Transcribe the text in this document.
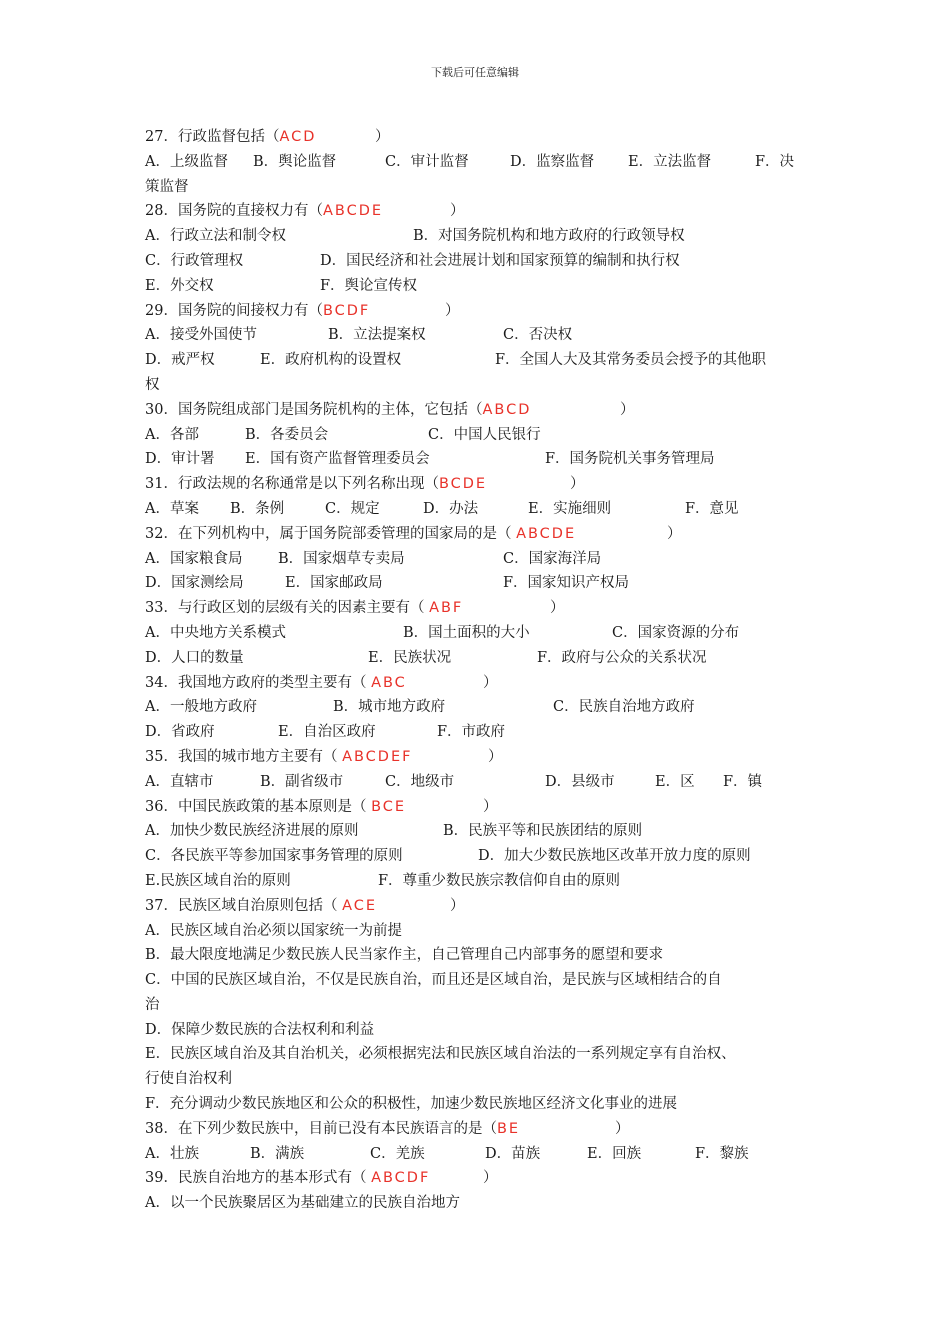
下载后可任意编辑
27．行政监督包括（ACD	）
A．上级监督 B．舆论监督	C．审计监督	D．监察监督 E．立法监督	F．决
策监督
28．国务院的直接权力有（ABCDE	）
A．行政立法和制令权	B．对国务院机构和地方政府的行政领导权
C．行政管理权	D．国民经济和社会进展计划和国家预算的编制和执行权
E．外交权	F．舆论宣传权
29．国务院的间接权力有（BCDF	）
A．接受外国使节	B．立法提案权	C．否决权
D．戒严权	E．政府机构的设置权	F．全国人大及其常务委员会授予的其他职
权
30．国务院组成部门是国务院机构的主体，它包括（ABCD	）
A．各部	B．各委员会	C．中国人民银行
D．审计署 E．国有资产监督管理委员会	F．国务院机关事务管理局
31．行政法规的名称通常是以下列名称出现（BCDE	）
A．草案 B．条例	C．规定	D．办法	E．实施细则	F．意见
32．在下列机构中，属于国务院部委管理的国家局的是（ ABCDE	）
A．国家粮食局 B．国家烟草专卖局	C．国家海洋局
D．国家测绘局	E．国家邮政局	F．国家知识产权局
33．与行政区划的层级有关的因素主要有（ ABF	）
A．中央地方关系模式	B．国土面积的大小	C．国家资源的分布
D．人口的数量	E．民族状况	F．政府与公众的关系状况
34．我国地方政府的类型主要有（ ABC	）
A．一般地方政府	B．城市地方政府	C．民族自治地方政府
D．省政府	E．自治区政府	F．市政府
35．我国的城市地方主要有（ ABCDEF	）
A．直辖市	B．副省级市	C．地级市	D．县级市	E．区 F．镇
36．中国民族政策的基本原则是（ BCE	）
A．加快少数民族经济进展的原则	B．民族平等和民族团结的原则
C．各民族平等参加国家事务管理的原则	D．加大少数民族地区改革开放力度的原则
E.民族区域自治的原则	F．尊重少数民族宗教信仰自由的原则
37．民族区域自治原则包括（ ACE	）
A．民族区域自治必须以国家统一为前提
B．最大限度地满足少数民族人民当家作主，自己管理自己内部事务的愿望和要求
C．中国的民族区域自治，不仅是民族自治，而且还是区域自治，是民族与区域相结合的自
治
D．保障少数民族的合法权利和利益
E．民族区域自治及其自治机关，必须根据宪法和民族区域自治法的一系列规定享有自治权、
行使自治权利
F．充分调动少数民族地区和公众的积极性，加速少数民族地区经济文化事业的进展
38．在下列少数民族中，目前已没有本民族语言的是（BE	）
A．壮族	B．满族	C．羌族	D．苗族	E．回族	F．黎族
39．民族自治地方的基本形式有（ ABCDF	）
A．以一个民族聚居区为基础建立的民族自治地方
